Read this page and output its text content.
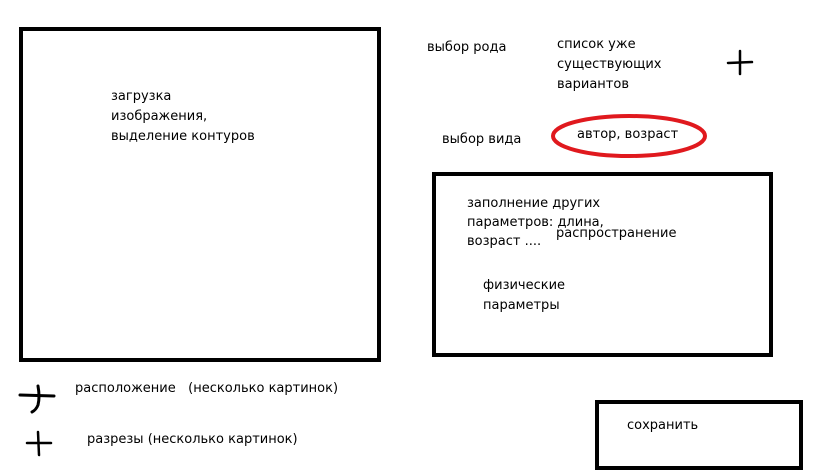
загрузка
изображения,
выделение контуров
выбор рода	список уже
существующих
вариантов
выбор вида	автор, возраст
заполнение других
параметров: длина,
возраст ....
распространение
физические
параметры
расположение   (несколько картинок)
разрезы (несколько картинок)
сохранить
